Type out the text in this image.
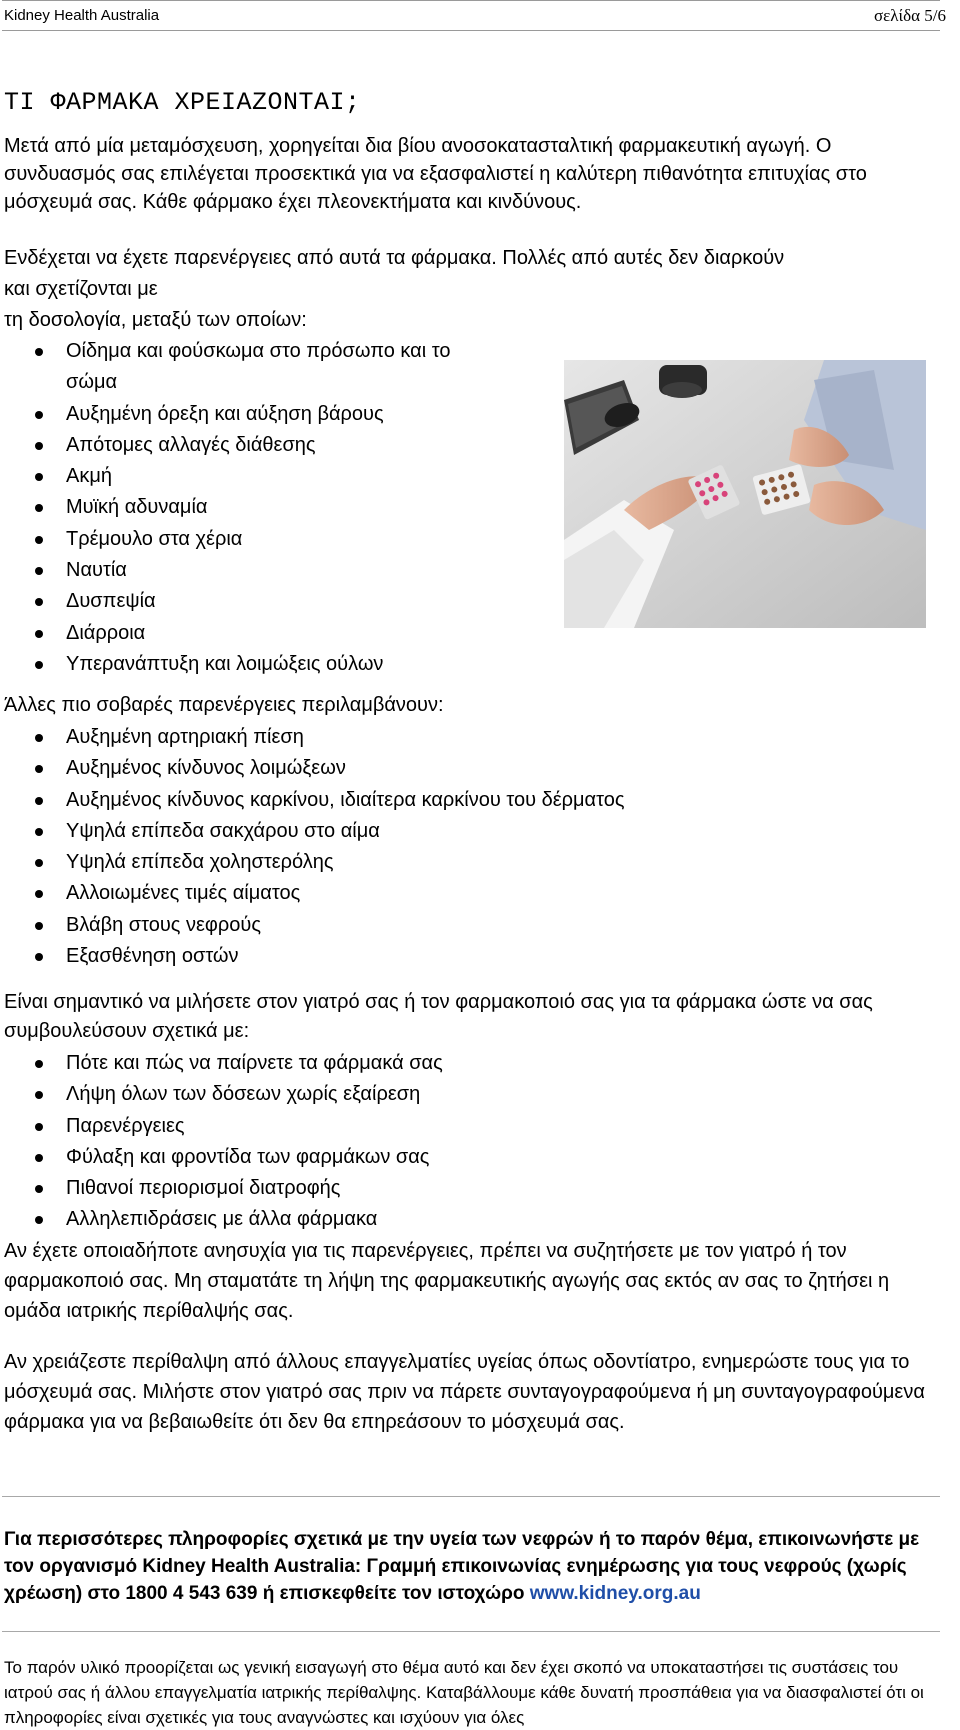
Kidney Health Australia	σελίδα 5/6
ΤΙ ΦΑΡΜΑΚΑ ΧΡΕΙΑΖΟΝΤΑΙ;

Μετά από μία μεταμόσχευση, χορηγείται δια βίου ανοσοκατασταλτική φαρμακευτική αγωγή. Ο συνδυασμός σας επιλέγεται προσεκτικά για να εξασφαλιστεί η καλύτερη πιθανότητα επιτυχίας στο μόσχευμά σας. Κάθε φάρμακο έχει πλεονεκτήματα και κινδύνους.

Ενδέχεται να έχετε παρενέργειες από αυτά τα φάρμακα. Πολλές από αυτές δεν διαρκούν

και σχετίζονται με

τη δοσολογία, μεταξύ των οποίων:

Οίδημα και φούσκωμα στο πρόσωπο και το σώμα
Αυξημένη όρεξη και αύξηση βάρους
Απότομες αλλαγές διάθεσης
Ακμή
Μυϊκή αδυναμία
Τρέμουλο στα χέρια
Ναυτία
Δυσπεψία
Διάρροια
Υπερανάπτυξη και λοιμώξεις ούλων

Άλλες πιο σοβαρές παρενέργειες περιλαμβάνουν:

Αυξημένη αρτηριακή πίεση
Αυξημένος κίνδυνος λοιμώξεων
Αυξημένος κίνδυνος καρκίνου, ιδιαίτερα καρκίνου του δέρματος
Υψηλά επίπεδα σακχάρου στο αίμα
Υψηλά επίπεδα χοληστερόλης
Αλλοιωμένες τιμές αίματος
Βλάβη στους νεφρούς
Εξασθένηση οστών

Είναι σημαντικό να μιλήσετε στον γιατρό σας ή τον φαρμακοποιό σας για τα φάρμακα ώστε να σας συμβουλεύσουν σχετικά με:

Πότε και πώς να παίρνετε τα φάρμακά σας
Λήψη όλων των δόσεων χωρίς εξαίρεση
Παρενέργειες
Φύλαξη και φροντίδα των φαρμάκων σας
Πιθανοί περιορισμοί διατροφής
Αλληλεπιδράσεις με άλλα φάρμακα

Αν έχετε οποιαδήποτε ανησυχία για τις παρενέργειες, πρέπει να συζητήσετε με τον γιατρό ή τον φαρμακοποιό σας. Μη σταματάτε τη λήψη της φαρμακευτικής αγωγής σας εκτός αν σας το ζητήσει η ομάδα ιατρικής περίθαλψής σας.

Αν χρειάζεστε περίθαλψη από άλλους επαγγελματίες υγείας όπως οδοντίατρο, ενημερώστε τους για το μόσχευμά σας. Μιλήστε στον γιατρό σας πριν να πάρετε συνταγογραφούμενα ή μη συνταγογραφούμενα φάρμακα για να βεβαιωθείτε ότι δεν θα επηρεάσουν το μόσχευμά σας.

Για περισσότερες πληροφορίες σχετικά με την υγεία των νεφρών ή το παρόν θέμα, επικοινωνήστε με τον οργανισμό Kidney Health Australia: Γραμμή επικοινωνίας ενημέρωσης για τους νεφρούς (χωρίς χρέωση) στο 1800 4 543 639 ή επισκεφθείτε τον ιστοχώρο www.kidney.org.au

Το παρόν υλικό προορίζεται ως γενική εισαγωγή στο θέμα αυτό και δεν έχει σκοπό να υποκαταστήσει τις συστάσεις του ιατρού σας ή άλλου επαγγελματία ιατρικής περίθαλψης. Καταβάλλουμε κάθε δυνατή προσπάθεια για να διασφαλιστεί ότι οι πληροφορίες είναι σχετικές για τους αναγνώστες και ισχύουν για όλες
